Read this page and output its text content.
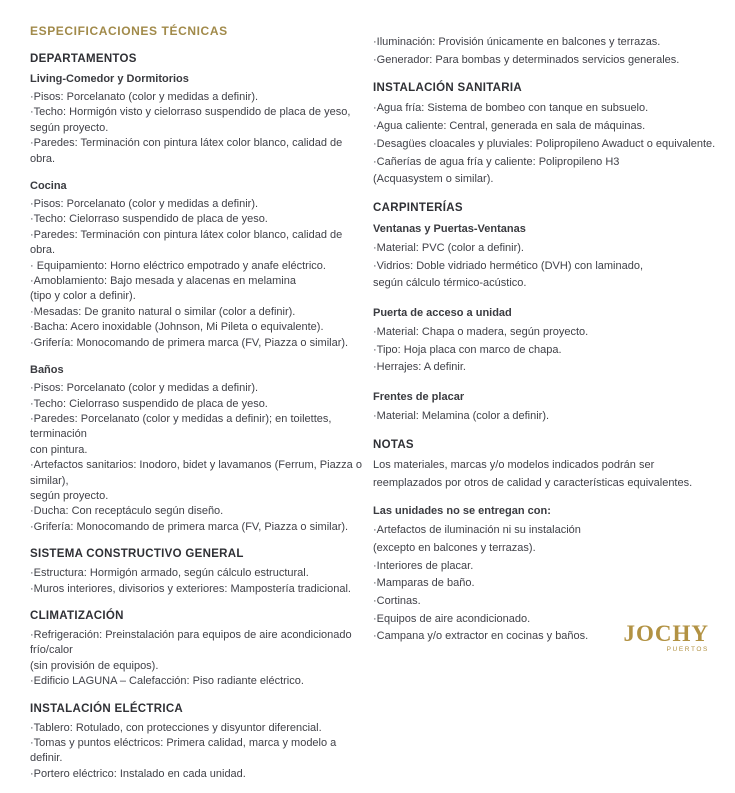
ESPECIFICACIONES TÉCNICAS
DEPARTAMENTOS
Living-Comedor y Dormitorios
·Pisos: Porcelanato (color y medidas a definir).
·Techo: Hormigón visto y cielorraso suspendido de placa de yeso,
según proyecto.
·Paredes: Terminación con pintura látex color blanco, calidad de obra.
Cocina
·Pisos: Porcelanato (color y medidas a definir).
·Techo: Cielorraso suspendido de placa de yeso.
·Paredes: Terminación con pintura látex color blanco, calidad de obra.
· Equipamiento: Horno eléctrico empotrado y anafe eléctrico.
·Amoblamiento: Bajo mesada y alacenas en melamina
(tipo y color a definir).
·Mesadas: De granito natural o similar (color a definir).
·Bacha: Acero inoxidable (Johnson, Mi Pileta o equivalente).
·Grifería: Monocomando de primera marca (FV, Piazza o similar).
Baños
·Pisos: Porcelanato (color y medidas a definir).
·Techo: Cielorraso suspendido de placa de yeso.
·Paredes: Porcelanato (color y medidas a definir); en toilettes, terminación
con pintura.
·Artefactos sanitarios: Inodoro, bidet y lavamanos (Ferrum, Piazza o similar),
según proyecto.
·Ducha: Con receptáculo según diseño.
·Grifería: Monocomando de primera marca (FV, Piazza o similar).
SISTEMA CONSTRUCTIVO GENERAL
·Estructura: Hormigón armado, según cálculo estructural.
·Muros interiores, divisorios y exteriores: Mampostería tradicional.
CLIMATIZACIÓN
·Refrigeración: Preinstalación para equipos de aire acondicionado frío/calor
(sin provisión de equipos).
·Edificio LAGUNA – Calefacción: Piso radiante eléctrico.
INSTALACIÓN ELÉCTRICA
·Tablero: Rotulado, con protecciones y disyuntor diferencial.
·Tomas y puntos eléctricos: Primera calidad, marca y modelo a definir.
·Portero eléctrico: Instalado en cada unidad.
·Iluminación: Provisión únicamente en balcones y terrazas.
·Generador: Para bombas y determinados servicios generales.
INSTALACIÓN SANITARIA
·Agua fría: Sistema de bombeo con tanque en subsuelo.
·Agua caliente: Central, generada en sala de máquinas.
·Desagües cloacales y pluviales: Polipropileno Awaduct o equivalente.
·Cañerías de agua fría y caliente: Polipropileno H3
(Acquasystem o similar).
CARPINTERÍAS
Ventanas y Puertas-Ventanas
·Material: PVC (color a definir).
·Vidrios: Doble vidriado hermético (DVH) con laminado,
según cálculo térmico-acústico.
Puerta de acceso a unidad
·Material: Chapa o madera, según proyecto.
·Tipo: Hoja placa con marco de chapa.
·Herrajes: A definir.
Frentes de placar
·Material: Melamina (color a definir).
NOTAS
Los materiales, marcas y/o modelos indicados podrán ser
reemplazados por otros de calidad y características equivalentes.
Las unidades no se entregan con:
·Artefactos de iluminación ni su instalación
(excepto en balcones y terrazas).
·Interiores de placar.
·Mamparas de baño.
·Cortinas.
·Equipos de aire acondicionado.
·Campana y/o extractor en cocinas y baños.	JOCHY
PUERTOS
